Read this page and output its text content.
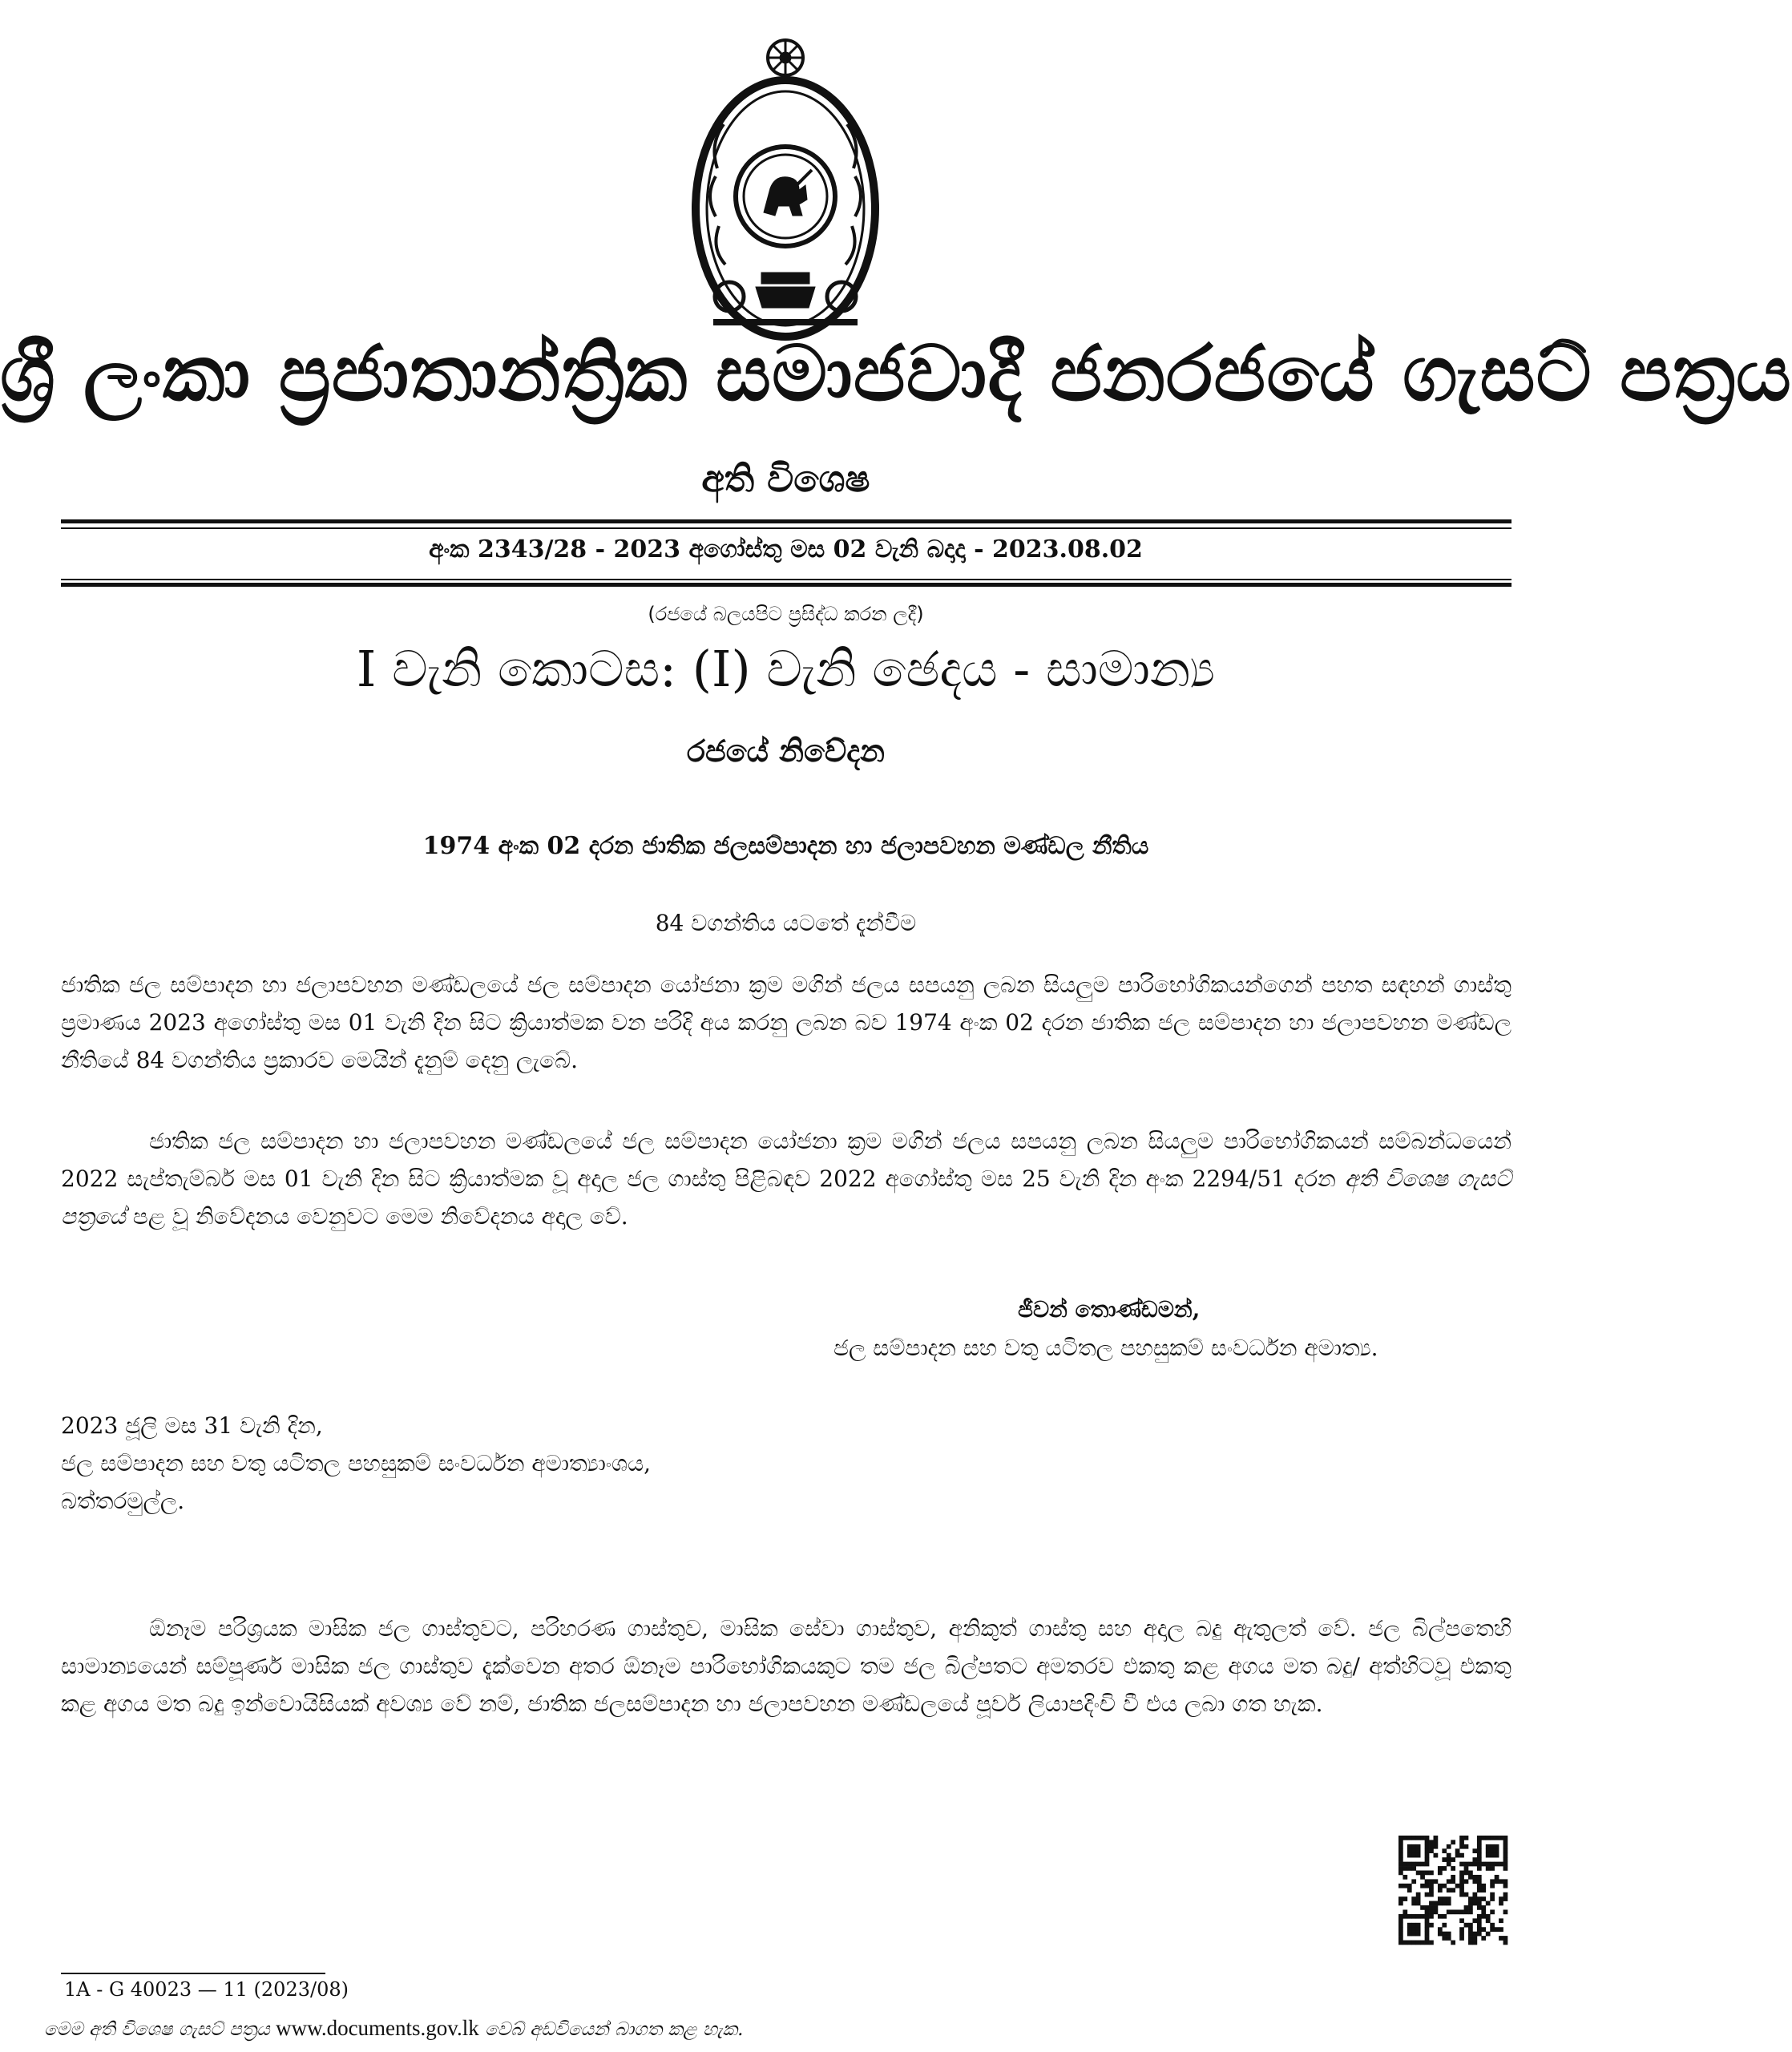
ශ්‍රී ලංකා ප්‍රජාතාන්ත්‍රික සමාජවාදී ජනරජයේ ගැසට් පත්‍රය
අති විශෙෂ
අංක 2343/28 - 2023 අගෝස්තු මස 02 වැනි බදාදා - 2023.08.02
(රජයේ බලයපිට ප්‍රසිද්ධ කරන ලදී)
I වැනි කොටස: (I) වැනි ඡෙදය - සාමාන්‍ය
රජයේ නිවේදන
1974 අංක 02 දරන ජාතික ජලසම්පාදන හා ජලාපවහන මණ්ඩල නීතිය
84 වගන්තිය යටතේ දැන්වීම
ජාතික ජල සම්පාදන හා ජලාපවහන මණ්ඩලයේ ජල සම්පාදන යෝජනා ක්‍රම මගින් ජලය සපයනු ලබන සියලුම පාරිභෝගිකයන්ගෙන් පහත සඳහන් ගාස්තු ප්‍රමාණය 2023 අගෝස්තු මස 01 වැනි දින සිට ක්‍රියාත්මක වන පරිදි අය කරනු ලබන බව 1974 අංක 02 දරන ජාතික ජල සම්පාදන හා ජලාපවහන මණ්ඩල නීතියේ 84 වගන්තිය ප්‍රකාරව මෙයින් දැනුම් දෙනු ලැබේ.
ජාතික ජල සම්පාදන හා ජලාපවහන මණ්ඩලයේ ජල සම්පාදන යෝජනා ක්‍රම මගින් ජලය සපයනු ලබන සියලුම පාරිභෝගිකයන් සම්බන්ධයෙන් 2022 සැප්තැම්බර් මස 01 වැනි දින සිට ක්‍රියාත්මක වූ අදාල ජල ගාස්තු පිළිබඳව 2022 අගෝස්තු මස 25 වැනි දින අංක 2294/51 දරන අති විශෙෂ ගැසට් පත්‍රයේ පළ වූ නිවේදනය වෙනුවට මෙම නිවේදනය අදාල වේ.
ජීවන් තොණ්ඩමන්,
ජල සම්පාදන සහ වතු යටිතල පහසුකම් සංවර්ධන අමාත්‍ය.
2023 ජූලි මස 31 වැනි දින,
ජල සම්පාදන සහ වතු යටිතල පහසුකම් සංවර්ධන අමාත්‍යාංශය,
බත්තරමුල්ල.
ඕනෑම පරිශ්‍රයක මාසික ජල ගාස්තුවට, පරිහරණ ගාස්තුව, මාසික සේවා ගාස්තුව, අනිකුත් ගාස්තු සහ අදාල බදු ඇතුලත් වේ. ජල බිල්පතෙහි සාමාන්‍යයෙන් සම්පූර්ණ මාසික ජල ගාස්තුව දැක්වෙන අතර ඕනෑම පාරිභෝගිකයකුට තම ජල බිල්පතට අමතරව එකතු කළ අගය මත බදු/ අත්හිටවූ එකතු කළ අගය මත බදු ඉන්වොයිසියක් අවශ්‍ය වේ නම්, ජාතික ජලසම්පාදන හා ජලාපවහන මණ්ඩලයේ පූර්ව ලියාපදිංචි වී එය ලබා ගත හැක.
1A - G 40023 — 11 (2023/08)
මෙම අති විශෙෂ ගැසට් පත්‍රය www.documents.gov.lk වෙබ් අඩවියෙන් බාගත කළ හැක.
